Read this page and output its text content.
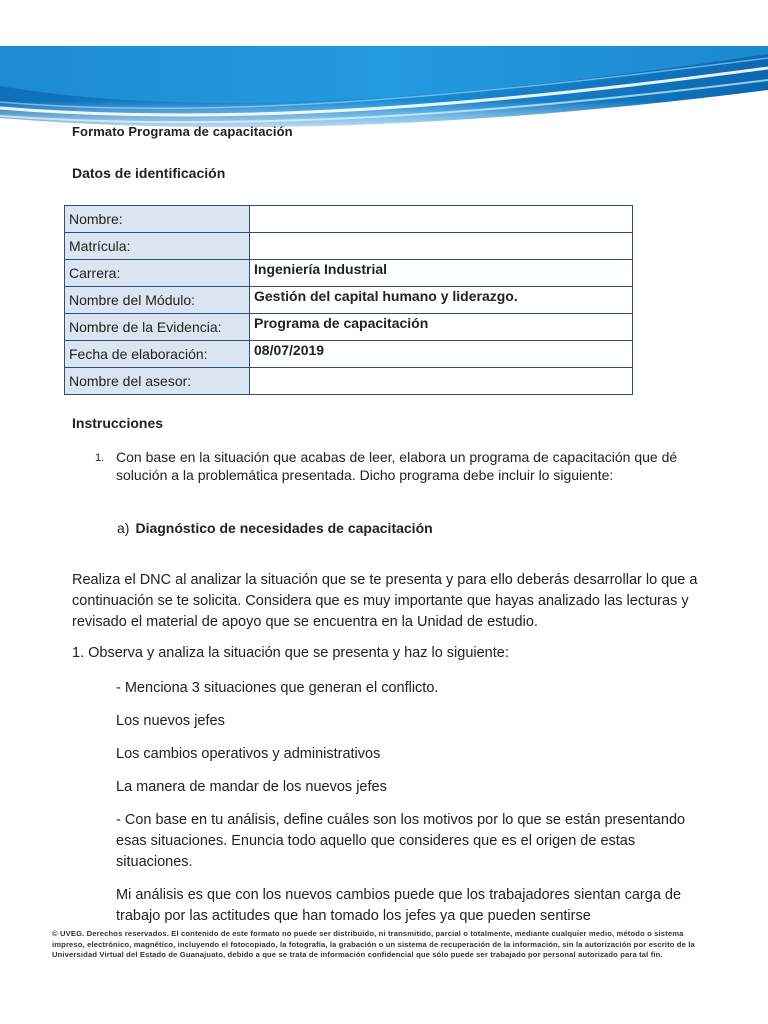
Formato Programa de capacitación
Datos de identificación
Nombre:	
Matrícula:	
Carrera:	Ingeniería Industrial
Nombre del Módulo:	Gestión del capital humano y liderazgo.
Nombre de la Evidencia:	Programa de capacitación
Fecha de elaboración:	08/07/2019
Nombre del asesor:	
Instrucciones
1. Con base en la situación que acabas de leer, elabora un programa de capacitación que dé solución a la problemática presentada. Dicho programa debe incluir lo siguiente:
a) Diagnóstico de necesidades de capacitación
Realiza el DNC al analizar la situación que se te presenta y para ello deberás desarrollar lo que a continuación se te solicita. Considera que es muy importante que hayas analizado las lecturas y revisado el material de apoyo que se encuentra en la Unidad de estudio.
1. Observa y analiza la situación que se presenta y haz lo siguiente:
- Menciona 3 situaciones que generan el conflicto.
Los nuevos jefes
Los cambios operativos y administrativos
La manera de mandar de los nuevos jefes
- Con base en tu análisis, define cuáles son los motivos por lo que se están presentando esas situaciones. Enuncia todo aquello que consideres que es el origen de estas situaciones.
Mi análisis es que con los nuevos cambios puede que los trabajadores sientan carga de trabajo por las actitudes que han tomado los jefes ya que pueden sentirse
© UVEG. Derechos reservados. El contenido de este formato no puede ser distribuido, ni transmitido, parcial o totalmente, mediante cualquier medio, método o sistema impreso, electrónico, magnético, incluyendo el fotocopiado, la fotografía, la grabación o un sistema de recuperación de la información, sin la autorización por escrito de la Universidad Virtual del Estado de Guanajuato, debido a que se trata de información confidencial que sólo puede ser trabajado por personal autorizado para tal fin.
